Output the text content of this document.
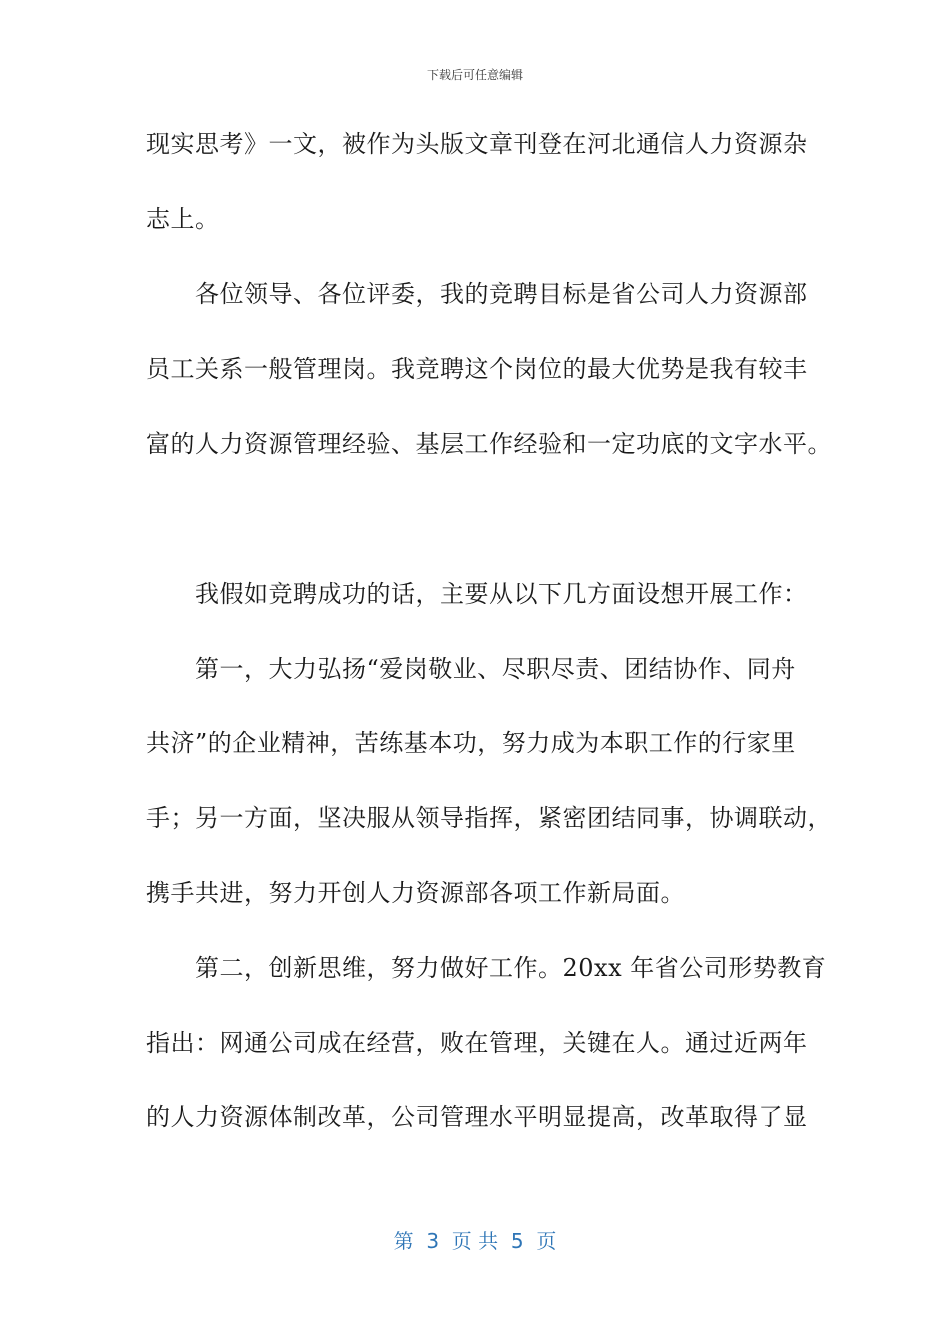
下载后可任意编辑
现实思考》一文，被作为头版文章刊登在河北通信人力资源杂
志上。
　　各位领导、各位评委，我的竞聘目标是省公司人力资源部
员工关系一般管理岗。我竞聘这个岗位的最大优势是我有较丰
富的人力资源管理经验、基层工作经验和一定功底的文字水平。
　　我假如竞聘成功的话，主要从以下几方面设想开展工作：
　　第一，大力弘扬“爱岗敬业、尽职尽责、团结协作、同舟
共济”的企业精神，苦练基本功，努力成为本职工作的行家里
手；另一方面，坚决服从领导指挥，紧密团结同事，协调联动，
携手共进，努力开创人力资源部各项工作新局面。
　　第二，创新思维，努力做好工作。20xx 年省公司形势教育
指出：网通公司成在经营，败在管理，关键在人。通过近两年
的人力资源体制改革，公司管理水平明显提高，改革取得了显
第  3  页 共  5  页
